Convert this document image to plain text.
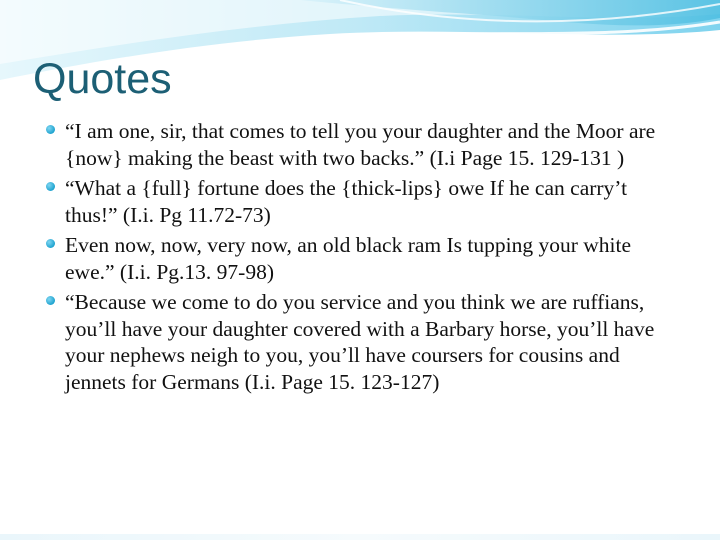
Quotes
“I am one, sir, that comes to tell you your daughter and the Moor are {now} making the beast with two backs.” (I.i Page 15. 129-131 )
“What a {full} fortune does the {thick-lips} owe If he can carry’t thus!” (I.i. Pg 11.72-73)
Even now, now, very now, an old black ram Is tupping your white ewe.” (I.i. Pg.13. 97-98)
“Because we come to do you service and you think we are ruffians, you’ll have your daughter covered with a Barbary horse, you’ll have your nephews neigh to you, you’ll have coursers for cousins and jennets for Germans (I.i. Page 15. 123-127)
